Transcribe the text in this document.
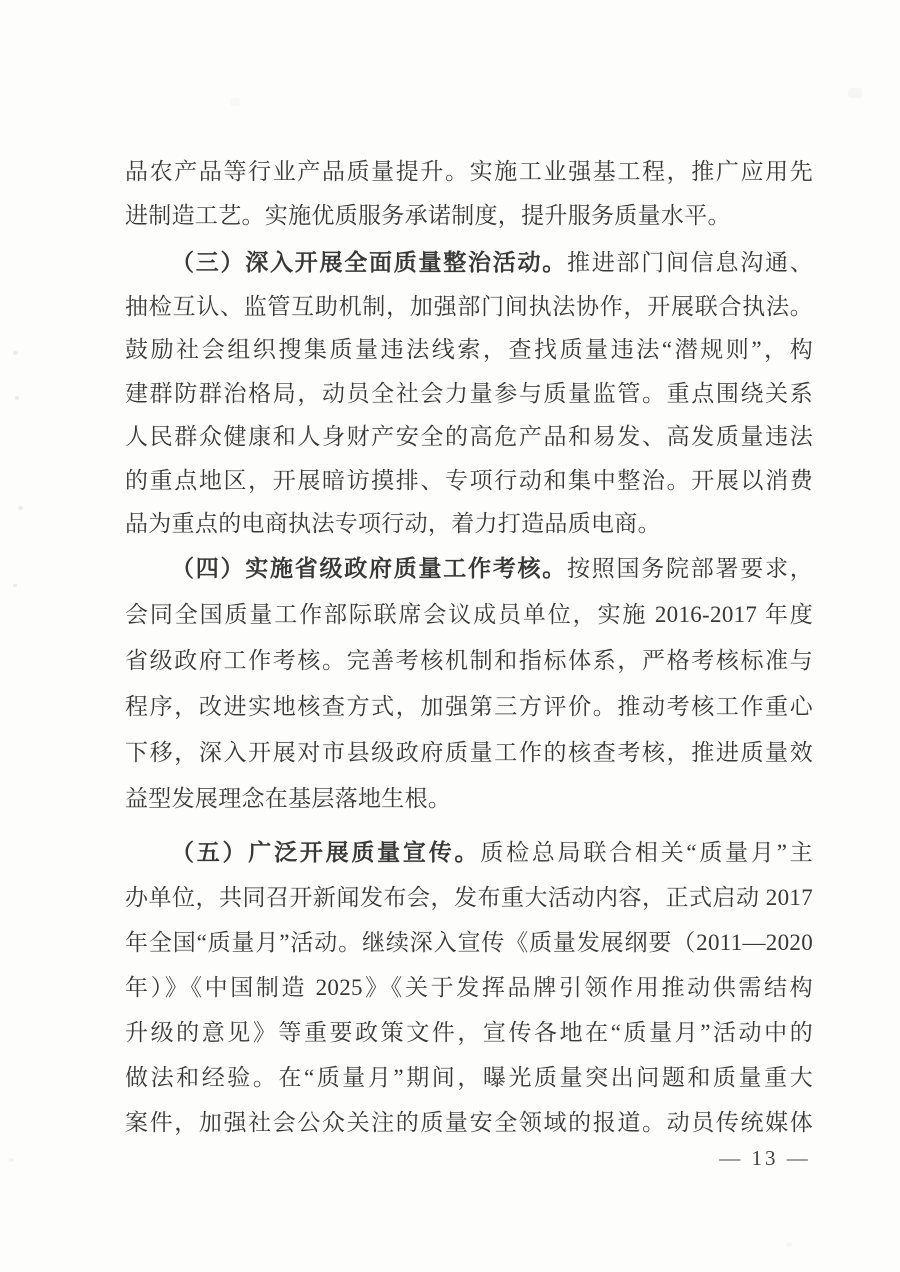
品农产品等行业产品质量提升。实施工业强基工程，推广应用先
进制造工艺。实施优质服务承诺制度，提升服务质量水平。
（三）深入开展全面质量整治活动。推进部门间信息沟通、
抽检互认、监管互助机制，加强部门间执法协作，开展联合执法。
鼓励社会组织搜集质量违法线索，查找质量违法“潜规则”，构
建群防群治格局，动员全社会力量参与质量监管。重点围绕关系
人民群众健康和人身财产安全的高危产品和易发、高发质量违法
的重点地区，开展暗访摸排、专项行动和集中整治。开展以消费
品为重点的电商执法专项行动，着力打造品质电商。
（四）实施省级政府质量工作考核。按照国务院部署要求，
会同全国质量工作部际联席会议成员单位，实施 2016-2017 年度
省级政府工作考核。完善考核机制和指标体系，严格考核标准与
程序，改进实地核查方式，加强第三方评价。推动考核工作重心
下移，深入开展对市县级政府质量工作的核查考核，推进质量效
益型发展理念在基层落地生根。
（五）广泛开展质量宣传。质检总局联合相关“质量月”主
办单位，共同召开新闻发布会，发布重大活动内容，正式启动 2017
年全国“质量月”活动。继续深入宣传《质量发展纲要（2011—2020
年）》《中国制造 2025》《关于发挥品牌引领作用推动供需结构
升级的意见》等重要政策文件，宣传各地在“质量月”活动中的
做法和经验。在“质量月”期间，曝光质量突出问题和质量重大
案件，加强社会公众关注的质量安全领域的报道。动员传统媒体
— 13 —
